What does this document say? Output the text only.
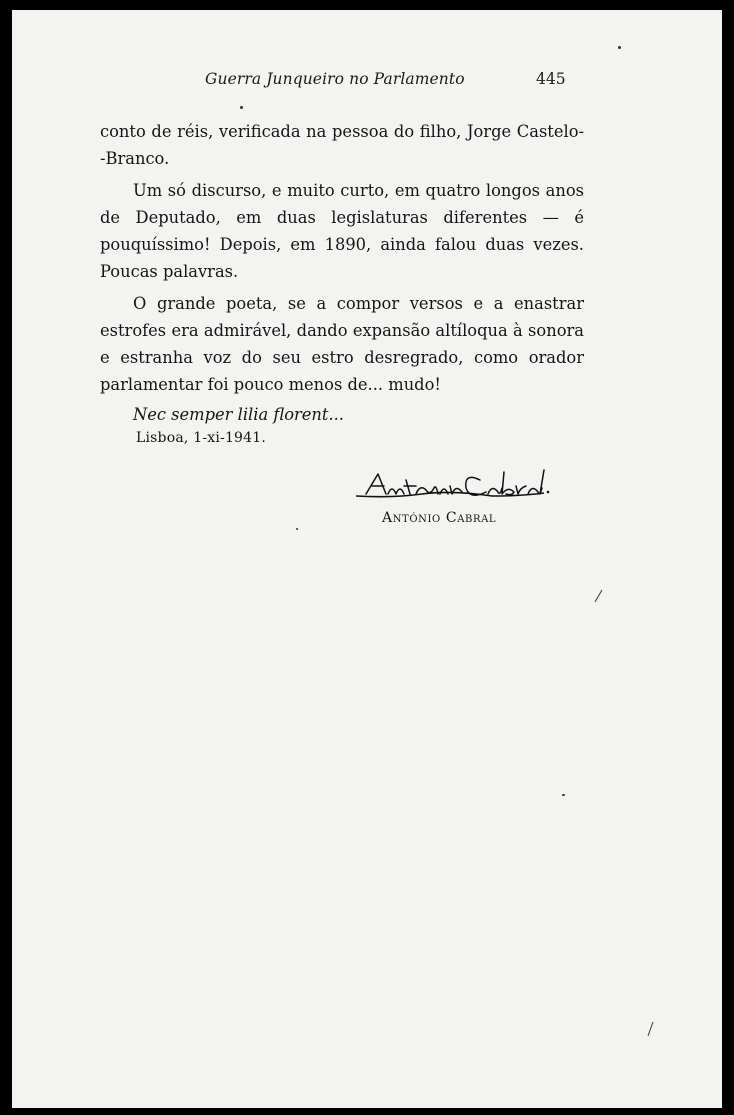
Guerra Junqueiro no Parlamento	445

conto de réis, verificada na pessoa do filho, Jorge Castelo--Branco.

Um só discurso, e muito curto, em quatro longos anos de Deputado, em duas legislaturas diferentes — é pouquíssimo! Depois, em 1890, ainda falou duas vezes. Poucas palavras.

O grande poeta, se a compor versos e a enastrar estrofes era admirável, dando expansão altíloqua à sonora e estranha voz do seu estro desregrado, como orador parlamentar foi pouco menos de... mudo!

Nec semper lilia florent...

Lisboa, 1-xi-1941.
António Cabral
